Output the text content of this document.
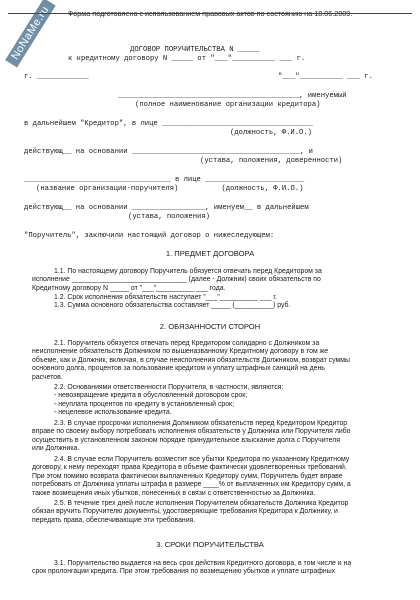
NoNaMe.ru	Форма подготовлена с использованием правовых актов по состоянию на 18.06.2009.
ДОГОВОР ПОРУЧИТЕЛЬСТВА N _____
к кредитному договору N _____ от "___"__________ ___ г.
г. ____________	"___"__________ ___ г.
__________________________________________, именуемый
(полное наименование организации кредитора)
в дальнейшем "Кредитор", в лице ___________________________________
(должность, Ф.И.О.)
действующ__ на основании _______________________________________, и
(устава, положения, доверенности)
__________________________________ в лице _______________________
(название организации-поручителя)          (должность, Ф.И.О.)
действующ__ на основании _________________, именуем__ в дальнейшем
(устава, положения)
"Поручитель", заключили настоящий договор о нижеследующем:
1. ПРЕДМЕТ ДОГОВОРА
1.1. По настоящему договору Поручитель обязуется отвечать перед Кредитором за
исполнение ______________________________ (далее - Должник) своих обязательств по
Кредитному договору N _____ от "___"__________ ___ года.
1.2. Срок исполнения обязательств наступает "___"__________ ___ г.
1.3. Сумма основного обязательства составляет _____ (__________) руб.
2. ОБЯЗАННОСТИ СТОРОН
2.1. Поручитель обязуется отвечать перед Кредитором солидарно с Должником за
неисполнение обязательств Должником по вышеназванному Кредитному договору в том же
объеме, как и Должник, включая, в случае неисполнения обязательств Должником, возврат суммы
основного долга, процентов за пользование кредитом и уплату штрафных санкций на день
расчетов.
2.2. Основаниями ответственности Поручителя, в частности, являются:
- невозвращение кредита в обусловленный договором срок;
- неуплата процентов по кредиту в установленный срок;
- нецелевое использование кредита.
2.3. В случае просрочки исполнения Должником обязательств перед Кредитором Кредитор
вправе по своему выбору потребовать исполнения обязательств у Должника или Поручителя либо
осуществить в установленном законом порядке принудительное взыскание долга с Поручителя
или Должника.
2.4. В случае если Поручитель возместит все убытки Кредитора по указанному Кредитному
договору, к нему переходят права Кредитора в объеме фактически удовлетворенных требований.
При этом помимо возврата фактически выплаченных Кредитору сумм, Поручитель будет вправе
потребовать от Должника уплаты штрафа в размере ____% от выплаченных им Кредитору сумм, а
также возмещения иных убытков, понесенных в связи с ответственностью за Должника.
2.5. В течение трех дней после исполнения Поручителем обязательств Должника Кредитор
обязан вручить Поручителю документы, удостоверяющие требования Кредитора к Должнику, и
передать права, обеспечивающие эти требования.
3. СРОКИ ПОРУЧИТЕЛЬСТВА
3.1. Поручительство выдается на весь срок действия Кредитного договора, в том числе и на
срок пролонгации кредита. При этом требования по возмещению убытков и уплате штрафных
